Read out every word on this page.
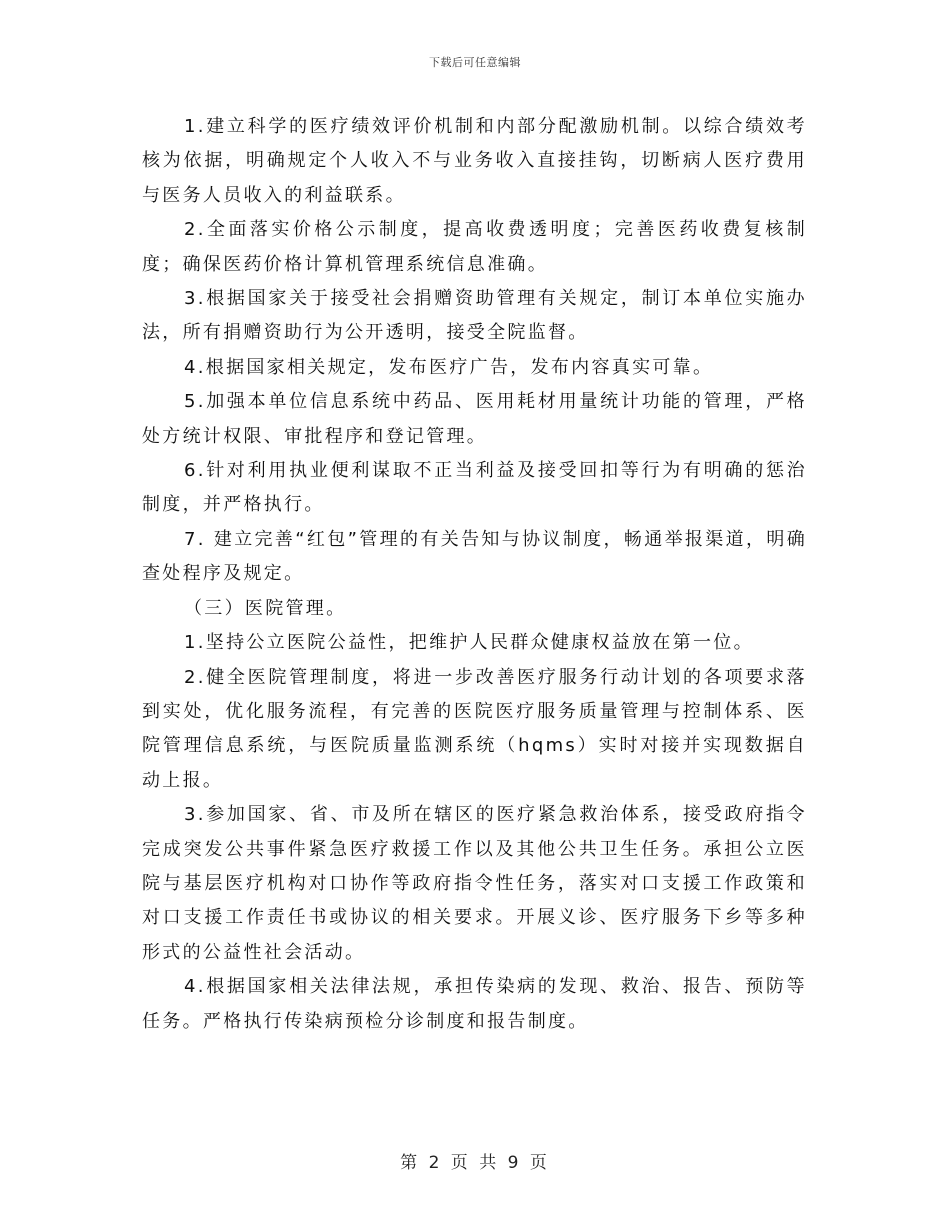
下载后可任意编辑

1.建立科学的医疗绩效评价机制和内部分配激励机制。以综合绩效考核为依据，明确规定个人收入不与业务收入直接挂钩，切断病人医疗费用与医务人员收入的利益联系。

2.全面落实价格公示制度，提高收费透明度；完善医药收费复核制度；确保医药价格计算机管理系统信息准确。

3.根据国家关于接受社会捐赠资助管理有关规定，制订本单位实施办法，所有捐赠资助行为公开透明，接受全院监督。

4.根据国家相关规定，发布医疗广告，发布内容真实可靠。

5.加强本单位信息系统中药品、医用耗材用量统计功能的管理，严格处方统计权限、审批程序和登记管理。

6.针对利用执业便利谋取不正当利益及接受回扣等行为有明确的惩治制度，并严格执行。

7. 建立完善“红包”管理的有关告知与协议制度，畅通举报渠道，明确查处程序及规定。

（三）医院管理。

1.坚持公立医院公益性，把维护人民群众健康权益放在第一位。

2.健全医院管理制度，将进一步改善医疗服务行动计划的各项要求落到实处，优化服务流程，有完善的医院医疗服务质量管理与控制体系、医院管理信息系统，与医院质量监测系统（hqms）实时对接并实现数据自动上报。

3.参加国家、省、市及所在辖区的医疗紧急救治体系，接受政府指令完成突发公共事件紧急医疗救援工作以及其他公共卫生任务。承担公立医院与基层医疗机构对口协作等政府指令性任务，落实对口支援工作政策和对口支援工作责任书或协议的相关要求。开展义诊、医疗服务下乡等多种形式的公益性社会活动。

4.根据国家相关法律法规，承担传染病的发现、救治、报告、预防等任务。严格执行传染病预检分诊制度和报告制度。

第 2 页 共 9 页
